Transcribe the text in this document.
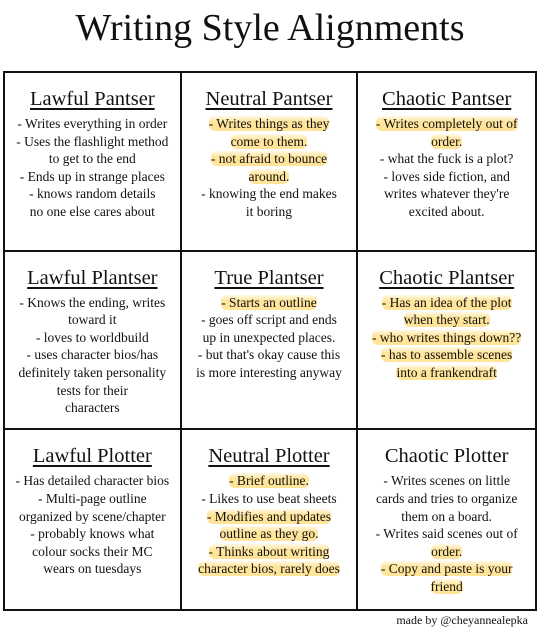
Writing Style Alignments
Lawful Pantser
- Writes everything in order
- Uses the flashlight method
to get to the end
- Ends up in strange places
- knows random details
no one else cares about
Neutral Pantser
- Writes things as they
come to them.
- not afraid to bounce
around.
- knowing the end makes
it boring
Chaotic Pantser
- Writes completely out of
order.
- what the fuck is a plot?
- loves side fiction, and
writes whatever they're
excited about.
Lawful Plantser
- Knows the ending, writes
toward it
- loves to worldbuild
- uses character bios/has
definitely taken personality
tests for their
characters
True Plantser
- Starts an outline
- goes off script and ends
up in unexpected places.
- but that's okay cause this
is more interesting anyway
Chaotic Plantser
- Has an idea of the plot
when they start.
- who writes things down??
- has to assemble scenes
into a frankendraft
Lawful Plotter
- Has detailed character bios
- Multi-page outline
organized by scene/chapter
- probably knows what
colour socks their MC
wears on tuesdays
Neutral Plotter
- Brief outline.
- Likes to use beat sheets
- Modifies and updates
outline as they go.
- Thinks about writing
character bios, rarely does
Chaotic Plotter
- Writes scenes on little
cards and tries to organize
them on a board.
- Writes said scenes out of
order.
- Copy and paste is your
friend
made by @cheyannealepka
